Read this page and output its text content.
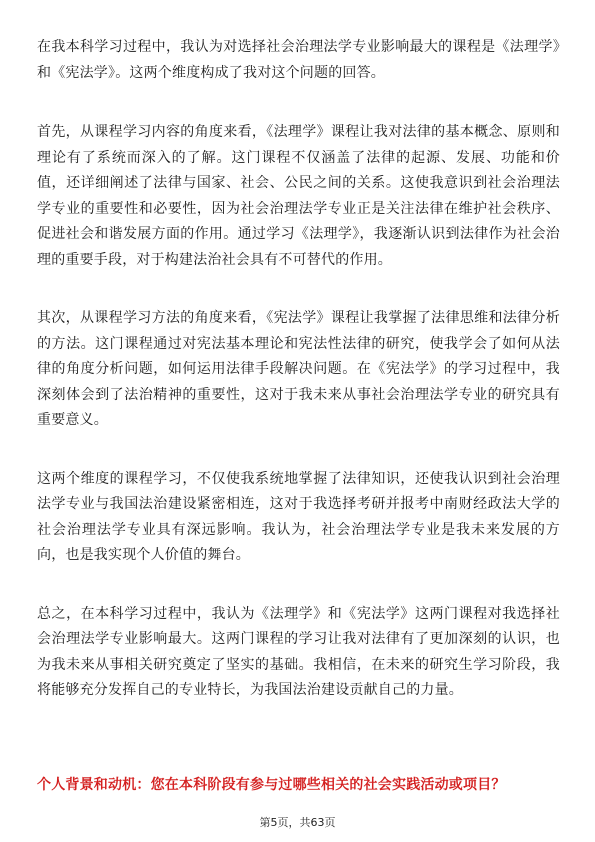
在我本科学习过程中，我认为对选择社会治理法学专业影响最大的课程是《法理学》和《宪法学》。这两个维度构成了我对这个问题的回答。

首先，从课程学习内容的角度来看，《法理学》课程让我对法律的基本概念、原则和理论有了系统而深入的了解。这门课程不仅涵盖了法律的起源、发展、功能和价值，还详细阐述了法律与国家、社会、公民之间的关系。这使我意识到社会治理法学专业的重要性和必要性，因为社会治理法学专业正是关注法律在维护社会秩序、促进社会和谐发展方面的作用。通过学习《法理学》，我逐渐认识到法律作为社会治理的重要手段，对于构建法治社会具有不可替代的作用。

其次，从课程学习方法的角度来看，《宪法学》课程让我掌握了法律思维和法律分析的方法。这门课程通过对宪法基本理论和宪法性法律的研究，使我学会了如何从法律的角度分析问题，如何运用法律手段解决问题。在《宪法学》的学习过程中，我深刻体会到了法治精神的重要性，这对于我未来从事社会治理法学专业的研究具有重要意义。

这两个维度的课程学习，不仅使我系统地掌握了法律知识，还使我认识到社会治理法学专业与我国法治建设紧密相连，这对于我选择考研并报考中南财经政法大学的社会治理法学专业具有深远影响。我认为，社会治理法学专业是我未来发展的方向，也是我实现个人价值的舞台。

总之，在本科学习过程中，我认为《法理学》和《宪法学》这两门课程对我选择社会治理法学专业影响最大。这两门课程的学习让我对法律有了更加深刻的认识，也为我未来从事相关研究奠定了坚实的基础。我相信，在未来的研究生学习阶段，我将能够充分发挥自己的专业特长，为我国法治建设贡献自己的力量。

个人背景和动机：您在本科阶段有参与过哪些相关的社会实践活动或项目？
第5页，共63页
